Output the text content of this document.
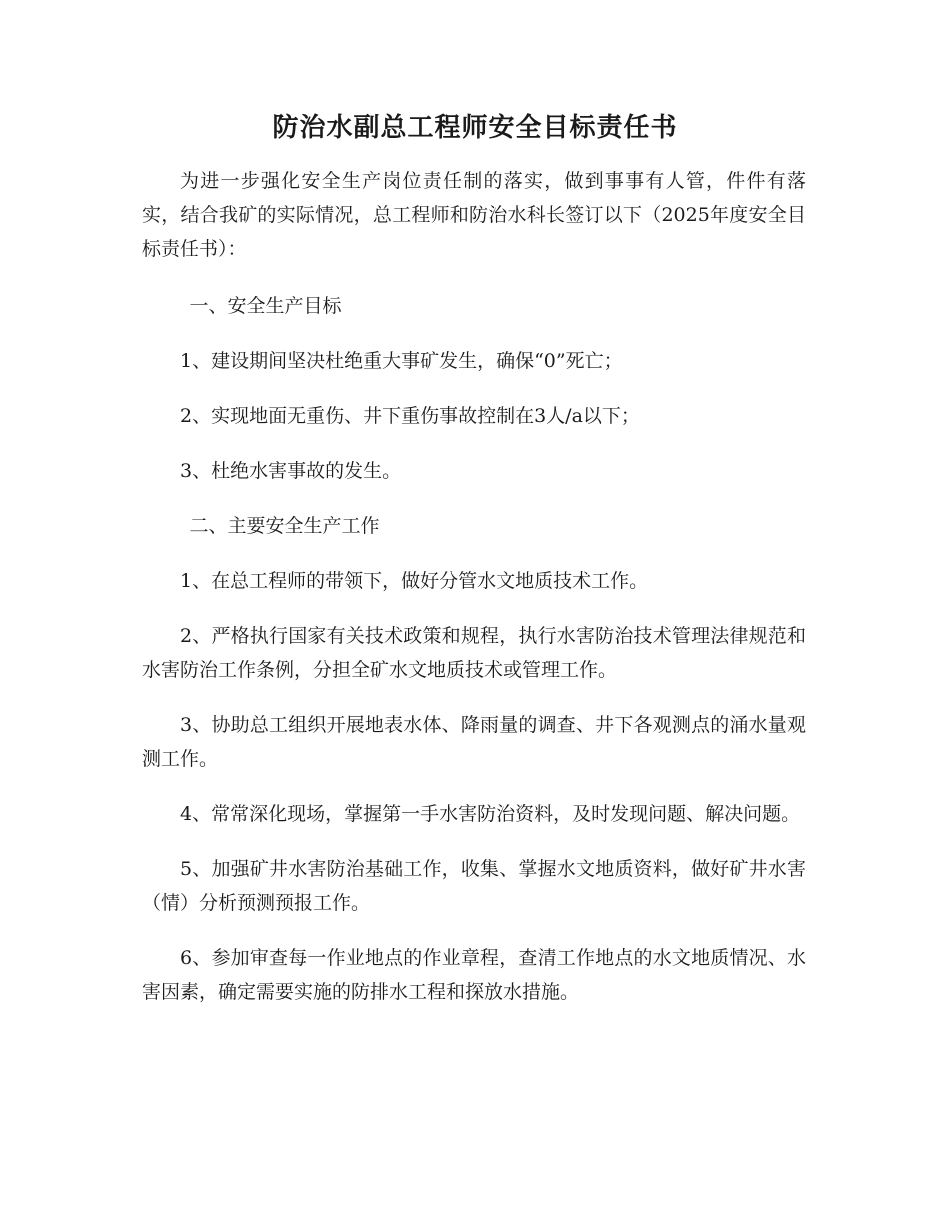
防治水副总工程师安全目标责任书

为进一步强化安全生产岗位责任制的落实，做到事事有人管，件件有落实，结合我矿的实际情况，总工程师和防治水科长签订以下（2025年度安全目标责任书）：

一、安全生产目标

1、建设期间坚决杜绝重大事矿发生，确保“0”死亡；

2、实现地面无重伤、井下重伤事故控制在3人/a以下；

3、杜绝水害事故的发生。

二、主要安全生产工作

1、在总工程师的带领下，做好分管水文地质技术工作。

2、严格执行国家有关技术政策和规程，执行水害防治技术管理法律规范和水害防治工作条例，分担全矿水文地质技术或管理工作。

3、协助总工组织开展地表水体、降雨量的调查、井下各观测点的涌水量观测工作。

4、常常深化现场，掌握第一手水害防治资料，及时发现问题、解决问题。

5、加强矿井水害防治基础工作，收集、掌握水文地质资料，做好矿井水害（情）分析预测预报工作。

6、参加审查每一作业地点的作业章程，查清工作地点的水文地质情况、水害因素，确定需要实施的防排水工程和探放水措施。
